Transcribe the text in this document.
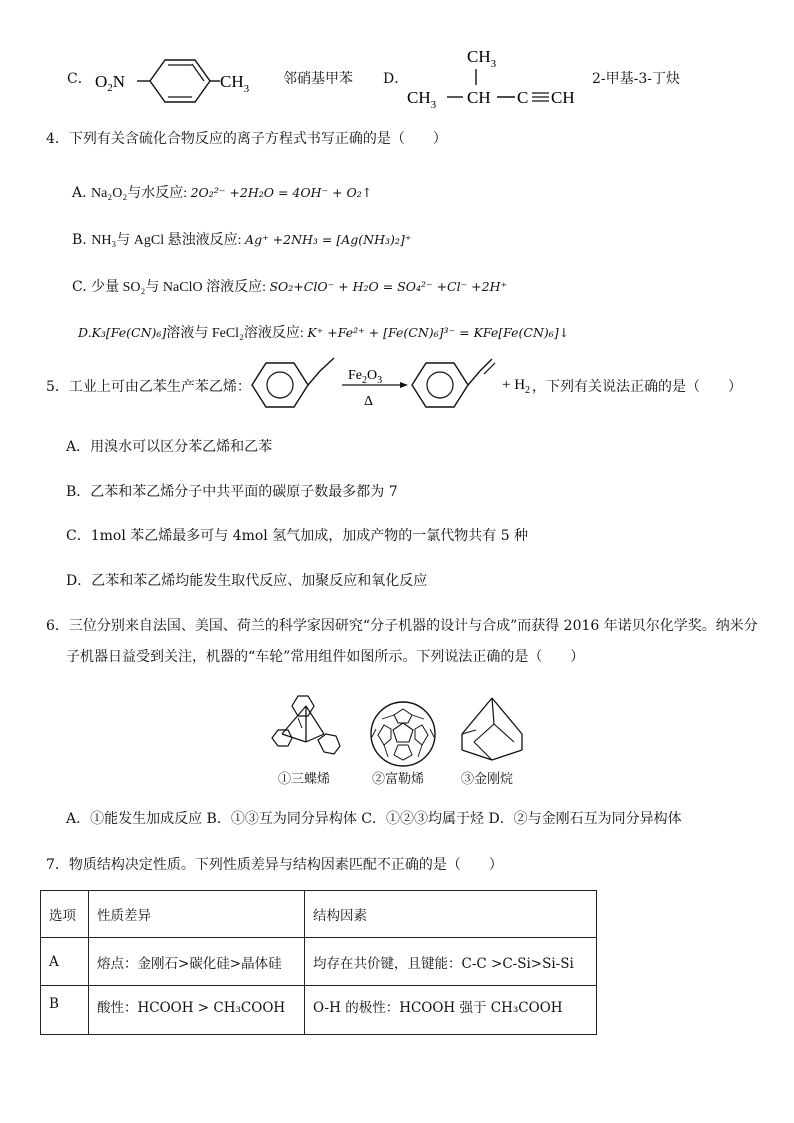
C． $O_2N$	$CH_3$
邻硝基甲苯 D．
$CH_3$
$CH_3$ CH C CH
2-甲基-3-丁炔
4．下列有关含硫化合物反应的离子方程式书写正确的是（　　）
A. Na₂O₂与水反应: 2O₂²⁻ +2H₂O = 4OH⁻ + O₂↑
B. NH₃与 AgCl 悬浊液反应: Ag⁺ +2NH₃ = [Ag(NH₃)₂]⁺
C. 少量 SO₂与 NaClO 溶液反应: SO₂+ClO⁻ + H₂O = SO₄²⁻ +Cl⁻ +2H⁺
D.K₃[Fe(CN)₆]溶液与 FeCl₂溶液反应: K⁺ +Fe²⁺ + [Fe(CN)₆]³⁻ = KFe[Fe(CN)₆]↓
5．工业上可由乙苯生产苯乙烯：
$Fe_2O_3$
Δ
+ $H_2$ ，下列有关说法正确的是（　　）
A．用溴水可以区分苯乙烯和乙苯
B．乙苯和苯乙烯分子中共平面的碳原子数最多都为 7
C．1mol 苯乙烯最多可与 4mol 氢气加成，加成产物的一氯代物共有 5 种
D．乙苯和苯乙烯均能发生取代反应、加聚反应和氧化反应
6．三位分别来自法国、美国、荷兰的科学家因研究“分子机器的设计与合成”而获得 2016 年诺贝尔化学奖。纳米分
子机器日益受到关注，机器的“车轮”常用组件如图所示。下列说法正确的是（　　）
①三蝶烯	②富勒烯	③金刚烷
A．①能发生加成反应 B．①③互为同分异构体 C．①②③均属于烃 D．②与金刚石互为同分异构体
7．物质结构决定性质。下列性质差异与结构因素匹配不正确的是（　　）
选项	性质差异	结构因素
A	熔点：金刚石>碳化硅>晶体硅	均存在共价键，且键能：C-C >C-Si>Si-Si
B	酸性：HCOOH > CH₃COOH	O-H 的极性：HCOOH 强于 CH₃COOH
